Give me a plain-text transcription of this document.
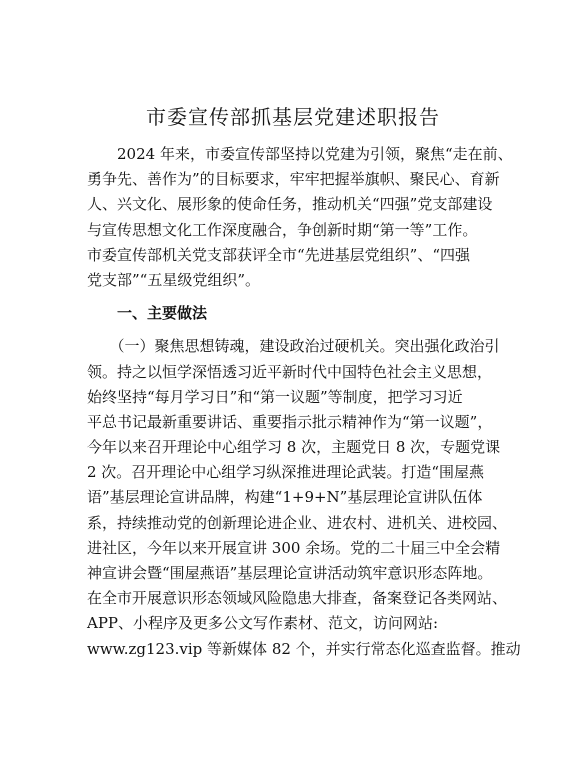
市委宣传部抓基层党建述职报告
　　2024 年来，市委宣传部坚持以党建为引领，聚焦“走在前、
勇争先、善作为”的目标要求，牢牢把握举旗帜、聚民心、育新
人、兴文化、展形象的使命任务，推动机关“四强”党支部建设
与宣传思想文化工作深度融合，争创新时期“第一等”工作。
市委宣传部机关党支部获评全市“先进基层党组织”、“四强
党支部”“五星级党组织”。
　　一、主要做法
　　（一）聚焦思想铸魂，建设政治过硬机关。突出强化政治引
领。持之以恒学深悟透习近平新时代中国特色社会主义思想，
始终坚持“每月学习日”和“第一议题”等制度，把学习习近
平总书记最新重要讲话、重要指示批示精神作为“第一议题”，
今年以来召开理论中心组学习 8 次，主题党日 8 次，专题党课
2 次。召开理论中心组学习纵深推进理论武装。打造“围屋燕
语”基层理论宣讲品牌，构建“1+9+N”基层理论宣讲队伍体
系，持续推动党的创新理论进企业、进农村、进机关、进校园、
进社区，今年以来开展宣讲 300 余场。党的二十届三中全会精
神宣讲会暨“围屋燕语”基层理论宣讲活动筑牢意识形态阵地。
在全市开展意识形态领域风险隐患大排查，备案登记各类网站、
APP、小程序及更多公文写作素材、范文，访问网站:
www.zg123.vip 等新媒体 82 个，并实行常态化巡查监督。推动
